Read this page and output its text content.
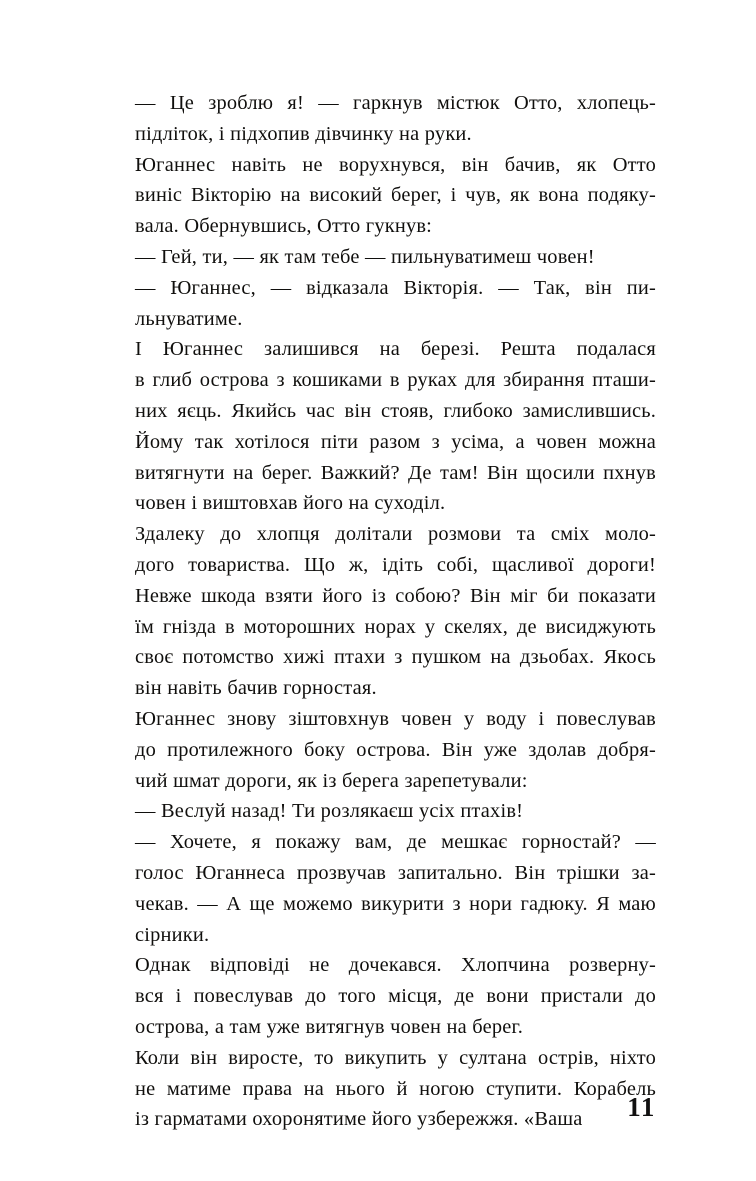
— Це зроблю я! — гаркнув містюк Отто, хлопець-
підліток, і підхопив дівчинку на руки.

Юганнес навіть не ворухнувся, він бачив, як Отто
виніс Вікторію на високий берег, і чув, як вона подяку-
вала. Обернувшись, Отто гукнув:

— Гей, ти, — як там тебе — пильнуватимеш човен!

— Юганнес, — відказала Вікторія. — Так, він пи-
льнуватиме.

І Юганнес залишився на березі. Решта подалася
в глиб острова з кошиками в руках для збирання пташи-
них яєць. Якийсь час він стояв, глибоко замислившись.
Йому так хотілося піти разом з усіма, а човен можна
витягнути на берег. Важкий? Де там! Він щосили пхнув
човен і виштовхав його на суходіл.

Здалеку до хлопця долітали розмови та сміх моло-
дого товариства. Що ж, ідіть собі, щасливої дороги!
Невже шкода взяти його із собою? Він міг би показати
їм гнізда в моторошних норах у скелях, де висиджують
своє потомство хижі птахи з пушком на дзьобах. Якось
він навіть бачив горностая.

Юганнес знову зіштовхнув човен у воду і повеслував
до протилежного боку острова. Він уже здолав добря-
чий шмат дороги, як із берега зарепетували:

— Веслуй назад! Ти розлякаєш усіх птахів!

— Хочете, я покажу вам, де мешкає горностай? —
голос Юганнеса прозвучав запитально. Він трішки за-
чекав. — А ще можемо викурити з нори гадюку. Я маю
сірники.

Однак відповіді не дочекався. Хлопчина розверну-
вся і повеслував до того місця, де вони пристали до
острова, а там уже витягнув човен на берег.

Коли він виросте, то викупить у султана острів, ніхто
не матиме права на нього й ногою ступити. Корабель
із гарматами охоронятиме його узбережжя. «Ваша	11
